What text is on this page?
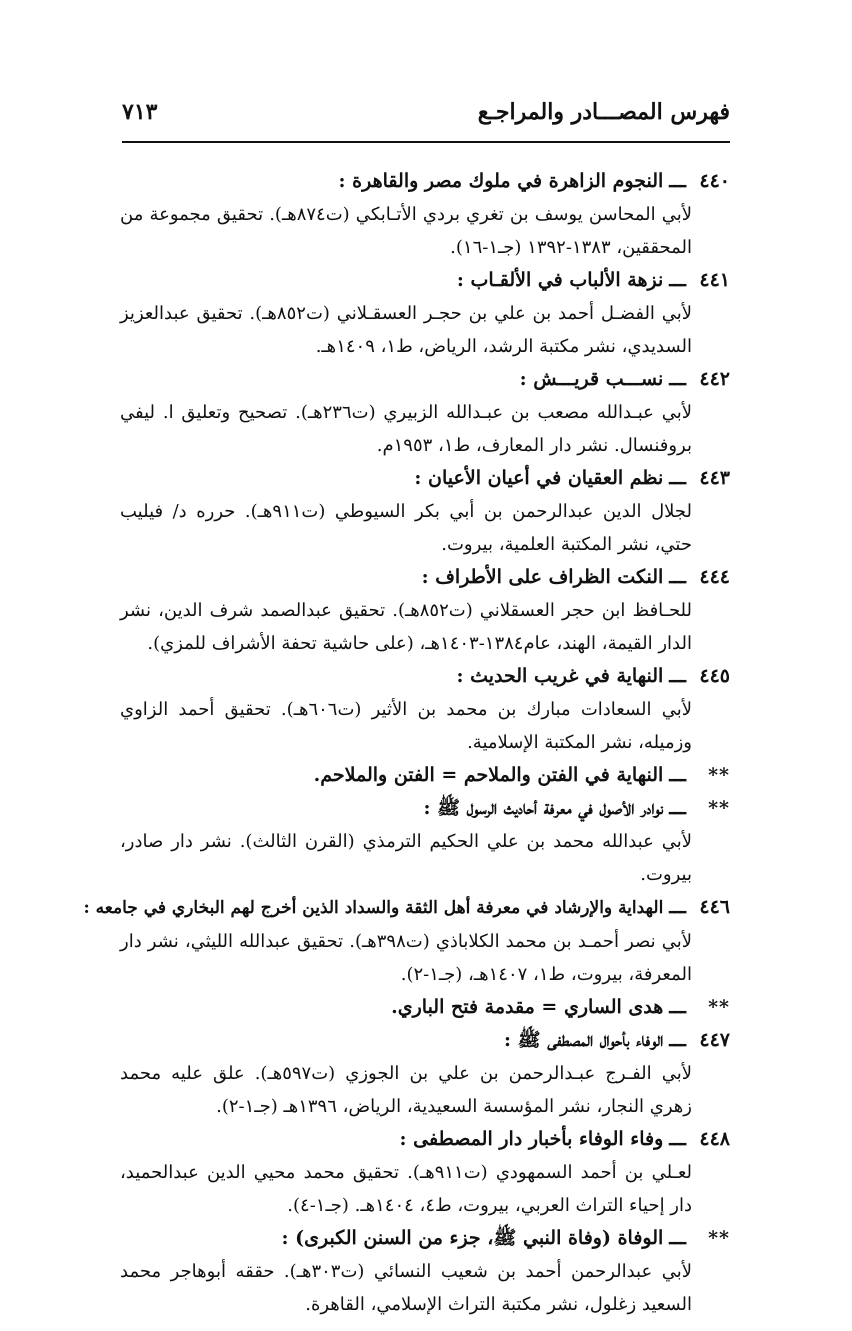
فهرس المصـــادر والمراجـع
٧١٣
٤٤٠
ـــ
النجوم الزاهرة في ملوك مصر والقاهرة :
لأبي المحاسن يوسف بن تغري بردي الأتـابكي (ت٨٧٤هـ). تحقيق مجموعة من المحققين، ١٣٨٣-١٣٩٢ (جـ١-١٦).
٤٤١
ـــ
نزهة الألباب في الألقـاب :
لأبي الفضـل أحمد بن علي بن حجـر العسقـلاني (ت٨٥٢هـ). تحقيق عبدالعزيز السديدي، نشر مكتبة الرشد، الرياض، ط١، ١٤٠٩هـ.
٤٤٢
ـــ
نســـب قريـــش :
لأبي عبـدالله مصعب بن عبـدالله الزبيري (ت٢٣٦هـ). تصحيح وتعليق ا. ليفي بروفنسال. نشر دار المعارف، ط١، ١٩٥٣م.
٤٤٣
ـــ
نظم العقيان في أعيان الأعيان :
لجلال الدين عبدالرحمن بن أبي بكر السيوطي (ت٩١١هـ). حرره د/ فيليب حتي، نشر المكتبة العلمية، بيروت.
٤٤٤
ـــ
النكت الظراف على الأطراف :
للحـافظ ابن حجر العسقلاني (ت٨٥٢هـ). تحقيق عبدالصمد شرف الدين، نشر الدار القيمة، الهند، عام١٣٨٤-١٤٠٣هـ، (على حاشية تحفة الأشراف للمزي).
٤٤٥
ـــ
النهاية في غريب الحديث :
لأبي السعادات مبارك بن محمد بن الأثير (ت٦٠٦هـ). تحقيق أحمد الزاوي وزميله، نشر المكتبة الإسلامية.
**
ـــ
النهاية في الفتن والملاحم = الفتن والملاحم.
**
ـــ
نوادر الأصول في معرفة أحاديث الرسول ﷺ :
لأبي عبدالله محمد بن علي الحكيم الترمذي (القرن الثالث). نشر دار صادر، بيروت.
٤٤٦
ـــ
الهداية والإرشاد في معرفة أهل الثقة والسداد الذين أخرج لهم البخاري في جامعه :
لأبي نصر أحمـد بن محمد الكلاباذي (ت٣٩٨هـ). تحقيق عبدالله الليثي، نشر دار المعرفة، بيروت، ط١، ١٤٠٧هـ، (جـ١-٢).
**
ـــ
هدى الساري = مقدمة فتح الباري.
٤٤٧
ـــ
الوفاء بأحوال المصطفى ﷺ :
لأبي الفـرج عبـدالرحمن بن علي بن الجوزي (ت٥٩٧هـ). علق عليه محمد زهري النجار، نشر المؤسسة السعيدية، الرياض، ١٣٩٦هـ (جـ١-٢).
٤٤٨
ـــ
وفاء الوفاء بأخبار دار المصطفى :
لعـلي بن أحمد السمهودي (ت٩١١هـ). تحقيق محمد محيي الدين عبدالحميد، دار إحياء التراث العربي، بيروت، ط٤، ١٤٠٤هـ. (جـ١-٤).
**
ـــ
الوفاة (وفاة النبي ﷺ، جزء من السنن الكبرى) :
لأبي عبدالرحمن أحمد بن شعيب النسائي (ت٣٠٣هـ). حققه أبوهاجر محمد السعيد زغلول، نشر مكتبة التراث الإسلامي، القاهرة.
